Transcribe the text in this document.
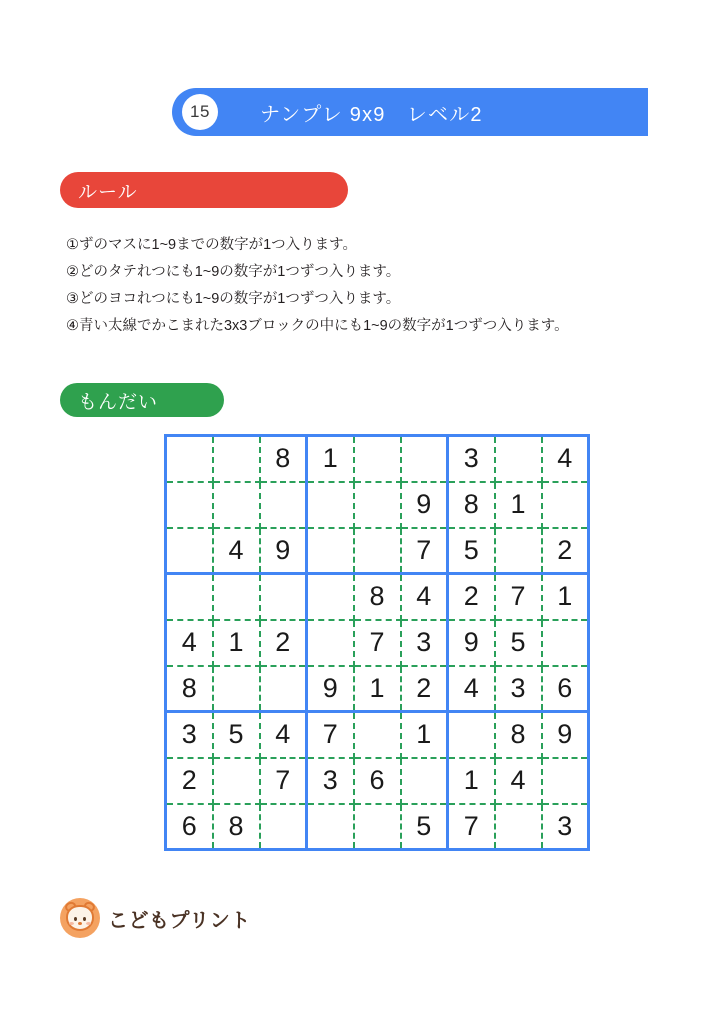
15	ナンプレ 9x9　レベル2
ルール
①ずのマスに1~9までの数字が1つ入ります。
②どのタテれつにも1~9の数字が1つずつ入ります。
③どのヨコれつにも1~9の数字が1つずつ入ります。
④青い太線でかこまれた3x3ブロックの中にも1~9の数字が1つずつ入ります。
もんだい
		8	1			3		4
					9	8	1	
	4	9			7	5		2
				8	4	2	7	1
4	1	2		7	3	9	5	
8			9	1	2	4	3	6
3	5	4	7		1		8	9
2		7	3	6		1	4	
6	8				5	7		3
こどもプリント
